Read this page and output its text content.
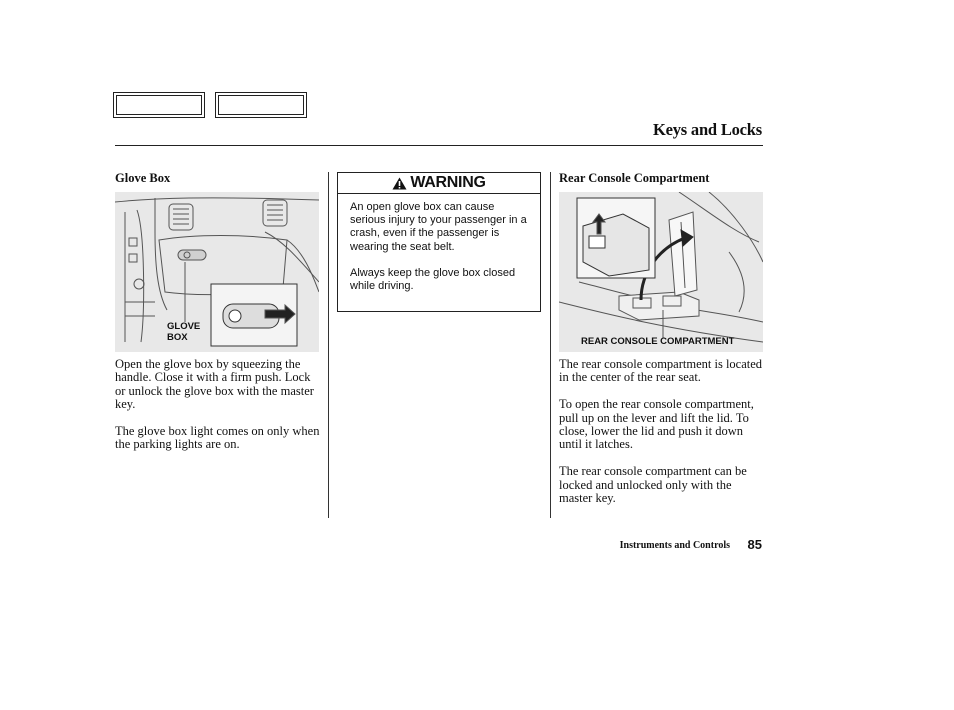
Keys and Locks
Glove Box
GLOVE
BOX

Open the glove box by squeezing the handle. Close it with a firm push. Lock or unlock the glove box with the master key.

The glove box light comes on only when the parking lights are on.

WARNING

An open glove box can cause serious injury to your passenger in a crash, even if the passenger is wearing the seat belt.

Always keep the glove box closed while driving.

Rear Console Compartment
REAR CONSOLE COMPARTMENT

The rear console compartment is located in the center of the rear seat.

To open the rear console compartment, pull up on the lever and lift the lid. To close, lower the lid and push it down until it latches.

The rear console compartment can be locked and unlocked only with the master key.

Instruments and Controls 85
